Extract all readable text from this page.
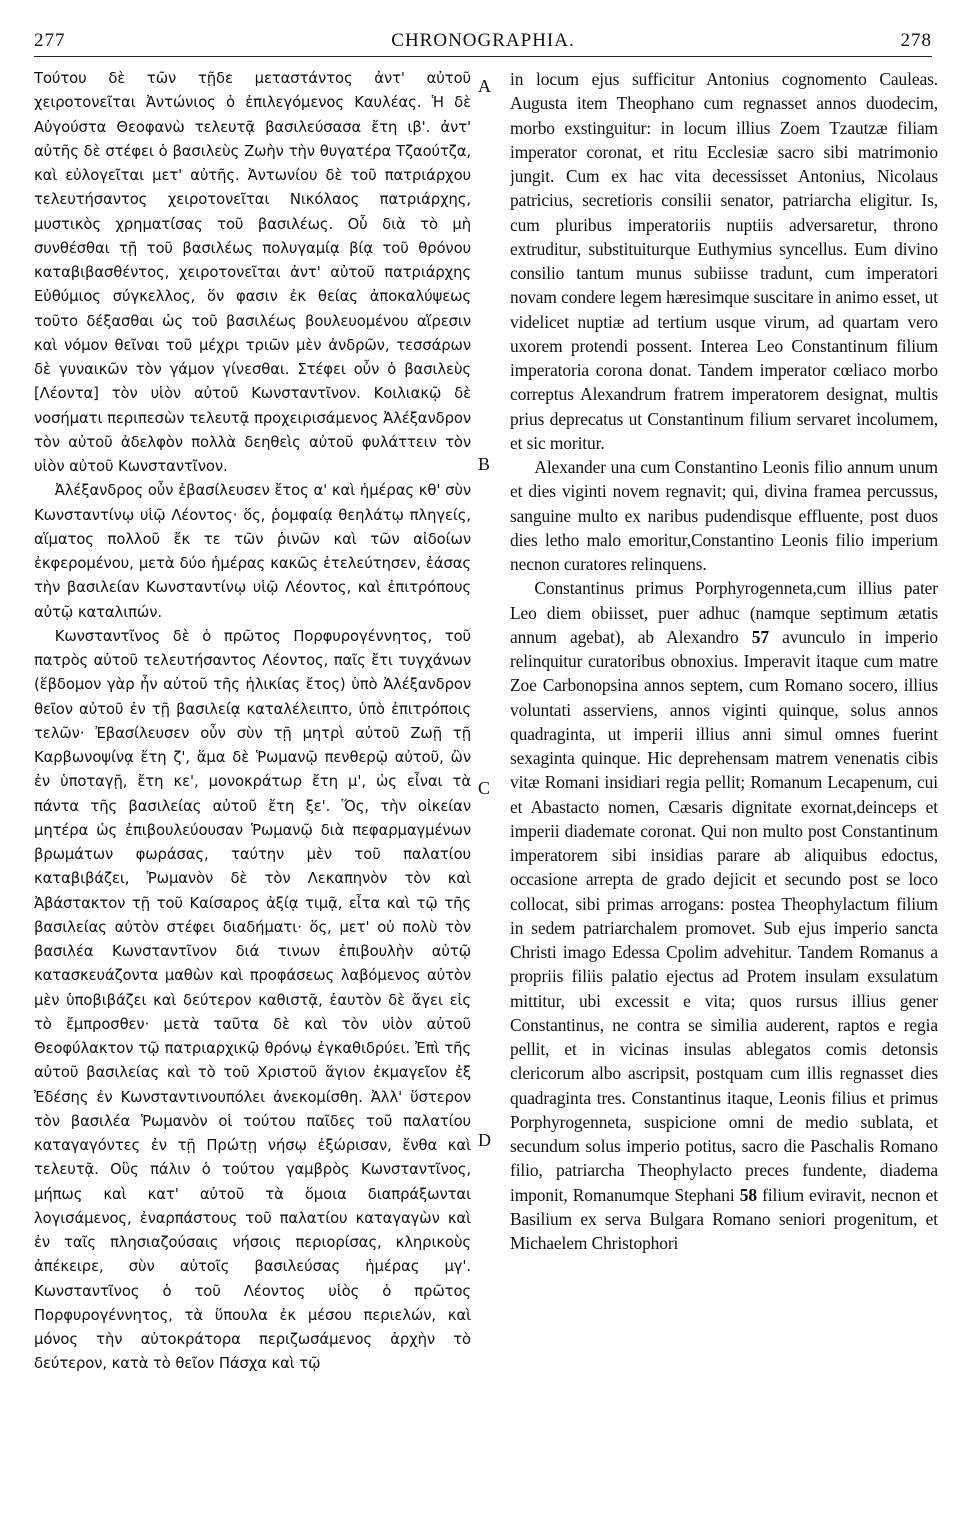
277	CHRONOGRAPHIA.	278

Τούτου δὲ τῶν τῇδε μεταστάντος ἀντ' αὐτοῦ χειροτονεῖται Ἀντώνιος ὁ ἐπιλεγόμενος Καυλέας. Ἡ δὲ Αὐγούστα Θεοφανὼ τελευτᾷ βασιλεύσασα ἔτη ιβ'. ἀντ' αὐτῆς δὲ στέφει ὁ βασιλεὺς Ζωὴν τὴν θυγατέρα Τζαούτζα, καὶ εὐλογεῖται μετ' αὐτῆς. Ἀντωνίου δὲ τοῦ πατριάρχου τελευτήσαντος χειροτονεῖται Νικόλαος πατριάρχης, μυστικὸς χρηματίσας τοῦ βασιλέως. Οὗ διὰ τὸ μὴ συνθέσθαι τῇ τοῦ βασιλέως πολυγαμίᾳ βίᾳ τοῦ θρόνου καταβιβασθέντος, χειροτονεῖται ἀντ' αὐτοῦ πατριάρχης Εὐθύμιος σύγκελλος, ὅν φασιν ἐκ θείας ἀποκαλύψεως τοῦτο δέξασθαι ὡς τοῦ βασιλέως βουλευομένου αἵρεσιν καὶ νόμον θεῖναι τοῦ μέχρι τριῶν μὲν ἀνδρῶν, τεσσάρων δὲ γυναικῶν τὸν γάμον γίνεσθαι. Στέφει οὖν ὁ βασιλεὺς [Λέοντα] τὸν υἱὸν αὐτοῦ Κωνσταντῖνον. Κοιλιακῷ δὲ νοσήματι περιπεσὼν τελευτᾷ προχειρισάμενος Ἀλέξανδρον τὸν αὐτοῦ ἀδελφὸν πολλὰ δεηθεὶς αὐτοῦ φυλάττειν τὸν υἱὸν αὐτοῦ Κωνσταντῖνον.

Ἀλέξανδρος οὖν ἐβασίλευσεν ἔτος α' καὶ ἡμέρας κθ' σὺν Κωνσταντίνῳ υἱῷ Λέοντος· ὅς, ῥομφαίᾳ θεηλάτῳ πληγείς, αἵματος πολλοῦ ἔκ τε τῶν ῥινῶν καὶ τῶν αἰδοίων ἐκφερομένου, μετὰ δύο ἡμέρας κακῶς ἐτελεύτησεν, ἐάσας τὴν βασιλείαν Κωνσταντίνῳ υἱῷ Λέοντος, καὶ ἐπιτρόπους αὐτῷ καταλιπών.

Κωνσταντῖνος δὲ ὁ πρῶτος Πορφυρογέννητος, τοῦ πατρὸς αὐτοῦ τελευτήσαντος Λέοντος, παῖς ἔτι τυγχάνων (ἕβδομον γὰρ ἦν αὐτοῦ τῆς ἡλικίας ἔτος) ὑπὸ Ἀλέξανδρον θεῖον αὐτοῦ ἐν τῇ βασιλείᾳ καταλέλειπτο, ὑπὸ ἐπιτρόποις τελῶν· Ἐβασίλευσεν οὖν σὺν τῇ μητρὶ αὐτοῦ Ζωῇ τῇ Καρβωνοψίνᾳ ἔτη ζ', ἅμα δὲ Ῥωμανῷ πενθερῷ αὐτοῦ, ὢν ἐν ὑποταγῇ, ἔτη κε', μονοκράτωρ ἔτη μ', ὡς εἶναι τὰ πάντα τῆς βασιλείας αὐτοῦ ἔτη ξε'. Ὅς, τὴν οἰκείαν μητέρα ὡς ἐπιβουλεύουσαν Ῥωμανῷ διὰ πεφαρμαγμένων βρωμάτων φωράσας, ταύτην μὲν τοῦ παλατίου καταβιβάζει, Ῥωμανὸν δὲ τὸν Λεκαπηνὸν τὸν καὶ Ἀβάστακτον τῇ τοῦ Καίσαρος ἀξίᾳ τιμᾷ, εἶτα καὶ τῷ τῆς βασιλείας αὐτὸν στέφει διαδήματι· ὅς, μετ' οὐ πολὺ τὸν βασιλέα Κωνσταντῖνον διά τινων ἐπιβουλὴν αὐτῷ κατασκευάζοντα μαθὼν καὶ προφάσεως λαβόμενος αὐτὸν μὲν ὑποβιβάζει καὶ δεύτερον καθιστᾷ, ἑαυτὸν δὲ ἄγει εἰς τὸ ἔμπροσθεν· μετὰ ταῦτα δὲ καὶ τὸν υἱὸν αὐτοῦ Θεοφύλακτον τῷ πατριαρχικῷ θρόνῳ ἐγκαθιδρύει. Ἐπὶ τῆς αὐτοῦ βασιλείας καὶ τὸ τοῦ Χριστοῦ ἅγιον ἐκμαγεῖον ἐξ Ἐδέσης ἐν Κωνσταντινουπόλει ἀνεκομίσθη. Ἀλλ' ὕστερον τὸν βασιλέα Ῥωμανὸν οἱ τούτου παῖδες τοῦ παλατίου καταγαγόντες ἐν τῇ Πρώτῃ νήσῳ ἐξώρισαν, ἔνθα καὶ τελευτᾷ. Οὓς πάλιν ὁ τούτου γαμβρὸς Κωνσταντῖνος, μήπως καὶ κατ' αὐτοῦ τὰ ὅμοια διαπράξωνται λογισάμενος, ἐναρπάστους τοῦ παλατίου καταγαγὼν καὶ ἐν ταῖς πλησιαζούσαις νήσοις περιορίσας, κληρικοὺς ἀπέκειρε, σὺν αὐτοῖς βασιλεύσας ἡμέρας μγ'. Κωνσταντῖνος ὁ τοῦ Λέοντος υἱὸς ὁ πρῶτος Πορφυρογέννητος, τὰ ὕπουλα ἐκ μέσου περιελών, καὶ μόνος τὴν αὐτοκράτορα περιζωσάμενος ἀρχὴν τὸ δεύτερον, κατὰ τὸ θεῖον Πάσχα καὶ τῷ

in locum ejus sufficitur Antonius cognomento Cauleas. Augusta item Theophano cum regnasset annos duodecim, morbo exstinguitur: in locum illius Zoem Tzautzæ filiam imperator coronat, et ritu Ecclesiæ sacro sibi matrimonio jungit. Cum ex hac vita decessisset Antonius, Nicolaus patricius, secretioris consilii senator, patriarcha eligitur. Is, cum pluribus imperatoriis nuptiis adversaretur, throno extruditur, substituiturque Euthymius syncellus. Eum divino consilio tantum munus subiisse tradunt, cum imperatori novam condere legem hæresimque suscitare in animo esset, ut videlicet nuptiæ ad tertium usque virum, ad quartam vero uxorem protendi possent. Interea Leo Constantinum filium imperatoria corona donat. Tandem imperator cœliaco morbo correptus Alexandrum fratrem imperatorem designat, multis prius deprecatus ut Constantinum filium servaret incolumem, et sic moritur.

Alexander una cum Constantino Leonis filio annum unum et dies viginti novem regnavit; qui, divina framea percussus, sanguine multo ex naribus pudendisque effluente, post duos dies letho malo emoritur,Constantino Leonis filio imperium necnon curatores relinquens.

Constantinus primus Porphyrogenneta,cum illius pater Leo diem obiisset, puer adhuc (namque septimum ætatis annum agebat), ab Alexandro 57 avunculo in imperio relinquitur curatoribus obnoxius. Imperavit itaque cum matre Zoe Carbonopsina annos septem, cum Romano socero, illius voluntati asserviens, annos viginti quinque, solus annos quadraginta, ut imperii illius anni simul omnes fuerint sexaginta quinque. Hic deprehensam matrem venenatis cibis vitæ Romani insidiari regia pellit; Romanum Lecapenum, cui et Abastacto nomen, Cæsaris dignitate exornat,deinceps et imperii diademate coronat. Qui non multo post Constantinum imperatorem sibi insidias parare ab aliquibus edoctus, occasione arrepta de grado dejicit et secundo post se loco collocat, sibi primas arrogans: postea Theophylactum filium in sedem patriarchalem promovet. Sub ejus imperio sancta Christi imago Edessa Cpolim advehitur. Tandem Romanus a propriis filiis palatio ejectus ad Protem insulam exsulatum mittitur, ubi excessit e vita; quos rursus illius gener Constantinus, ne contra se similia auderent, raptos e regia pellit, et in vicinas insulas ablegatos comis detonsis clericorum albo ascripsit, postquam cum illis regnasset dies quadraginta tres. Constantinus itaque, Leonis filius et primus Porphyrogenneta, suspicione omni de medio sublata, et secundum solus imperio potitus, sacro die Paschalis Romano filio, patriarcha Theophylacto preces fundente, diadema imponit, Romanumque Stephani 58 filium eviravit, necnon et Basilium ex serva Bulgara Romano seniori progenitum, et Michaelem Christophori

A
B
C
D
